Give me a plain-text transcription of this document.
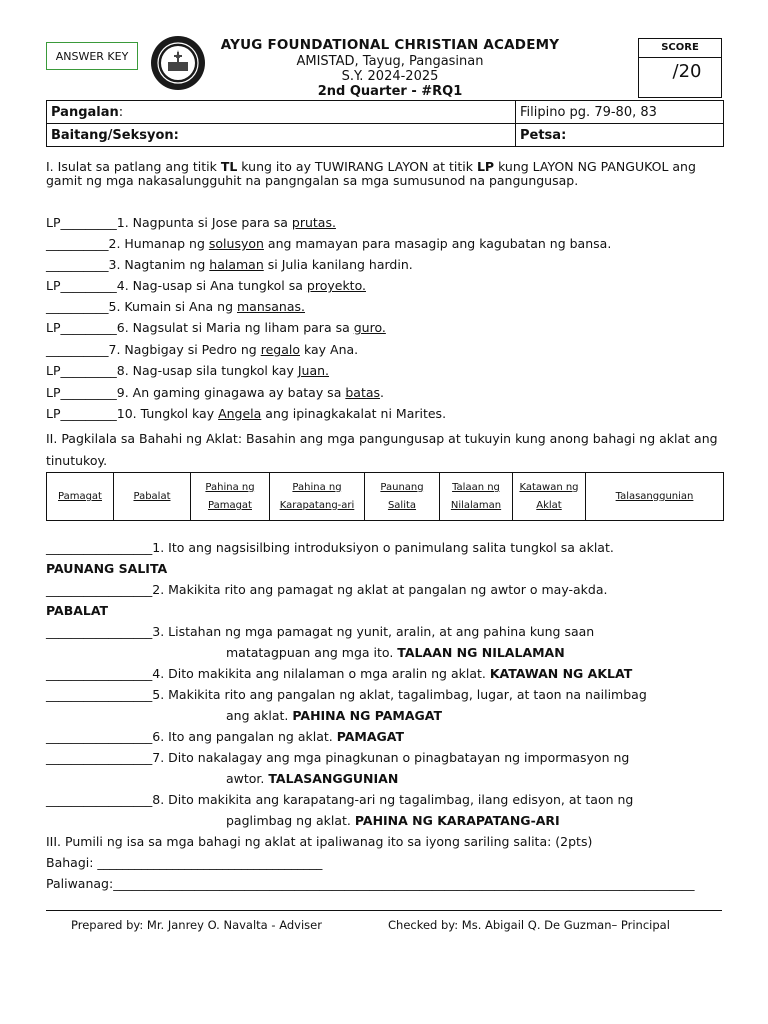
ANSWER KEY
AYUG FOUNDATIONAL CHRISTIAN ACADEMY
AMISTAD, Tayug, Pangasinan
S.Y. 2024-2025
2nd Quarter - #RQ1
SCORE
/20
Pangalan:	Filipino pg. 79-80, 83
Baitang/Seksyon:	Petsa:
I. Isulat sa patlang ang titik TL kung ito ay TUWIRANG LAYON at titik LP kung LAYON NG PANGUKOL ang gamit ng mga nakasalungguhit na pangngalan sa mga sumusunod na pangungusap.
LP_________1. Nagpunta si Jose para sa prutas.
__________2. Humanap ng solusyon ang mamayan para masagip ang kagubatan ng bansa.
__________3. Nagtanim ng halaman si Julia kanilang hardin.
LP_________4. Nag-usap si Ana tungkol sa proyekto.
__________5. Kumain si Ana ng mansanas.
LP_________6. Nagsulat si Maria ng liham para sa guro.
__________7. Nagbigay si Pedro ng regalo kay Ana.
LP_________8. Nag-usap sila tungkol kay Juan.
LP_________9. An gaming ginagawa ay batay sa batas.
LP_________10. Tungkol kay Angela ang ipinagkakalat ni Marites.
II. Pagkilala sa Bahahi ng Aklat: Basahin ang mga pangungusap at tukuyin kung anong bahagi ng aklat ang tinutukoy.
Pamagat	Pabalat	Pahina ng Pamagat	Pahina ng Karapatang-ari	Paunang Salita	Talaan ng Nilalaman	Katawan ng Aklat	Talasanggunian
_________________1. Ito ang nagsisilbing introduksiyon o panimulang salita tungkol sa aklat.
PAUNANG SALITA
_________________2. Makikita rito ang pamagat ng aklat at pangalan ng awtor o may-akda.
PABALAT
_________________3. Listahan ng mga pamagat ng yunit, aralin, at ang pahina kung saan
matatagpuan ang mga ito. TALAAN NG NILALAMAN
_________________4. Dito makikita ang nilalaman o mga aralin ng aklat. KATAWAN NG AKLAT
_________________5. Makikita rito ang pangalan ng aklat, tagalimbag, lugar, at taon na nailimbag
ang aklat. PAHINA NG PAMAGAT
_________________6. Ito ang pangalan ng aklat. PAMAGAT
_________________7. Dito nakalagay ang mga pinagkunan o pinagbatayan ng impormasyon ng
awtor. TALASANGGUNIAN
_________________8. Dito makikita ang karapatang-ari ng tagalimbag, ilang edisyon, at taon ng
paglimbag ng aklat. PAHINA NG KARAPATANG-ARI
III. Pumili ng isa sa mga bahagi ng aklat at ipaliwanag ito sa iyong sariling salita: (2pts)
Bahagi: ____________________________________
Paliwanag:_____________________________________________________________________________________________
Prepared by: Mr. Janrey O. Navalta - Adviser	Checked by: Ms. Abigail Q. De Guzman– Principal
